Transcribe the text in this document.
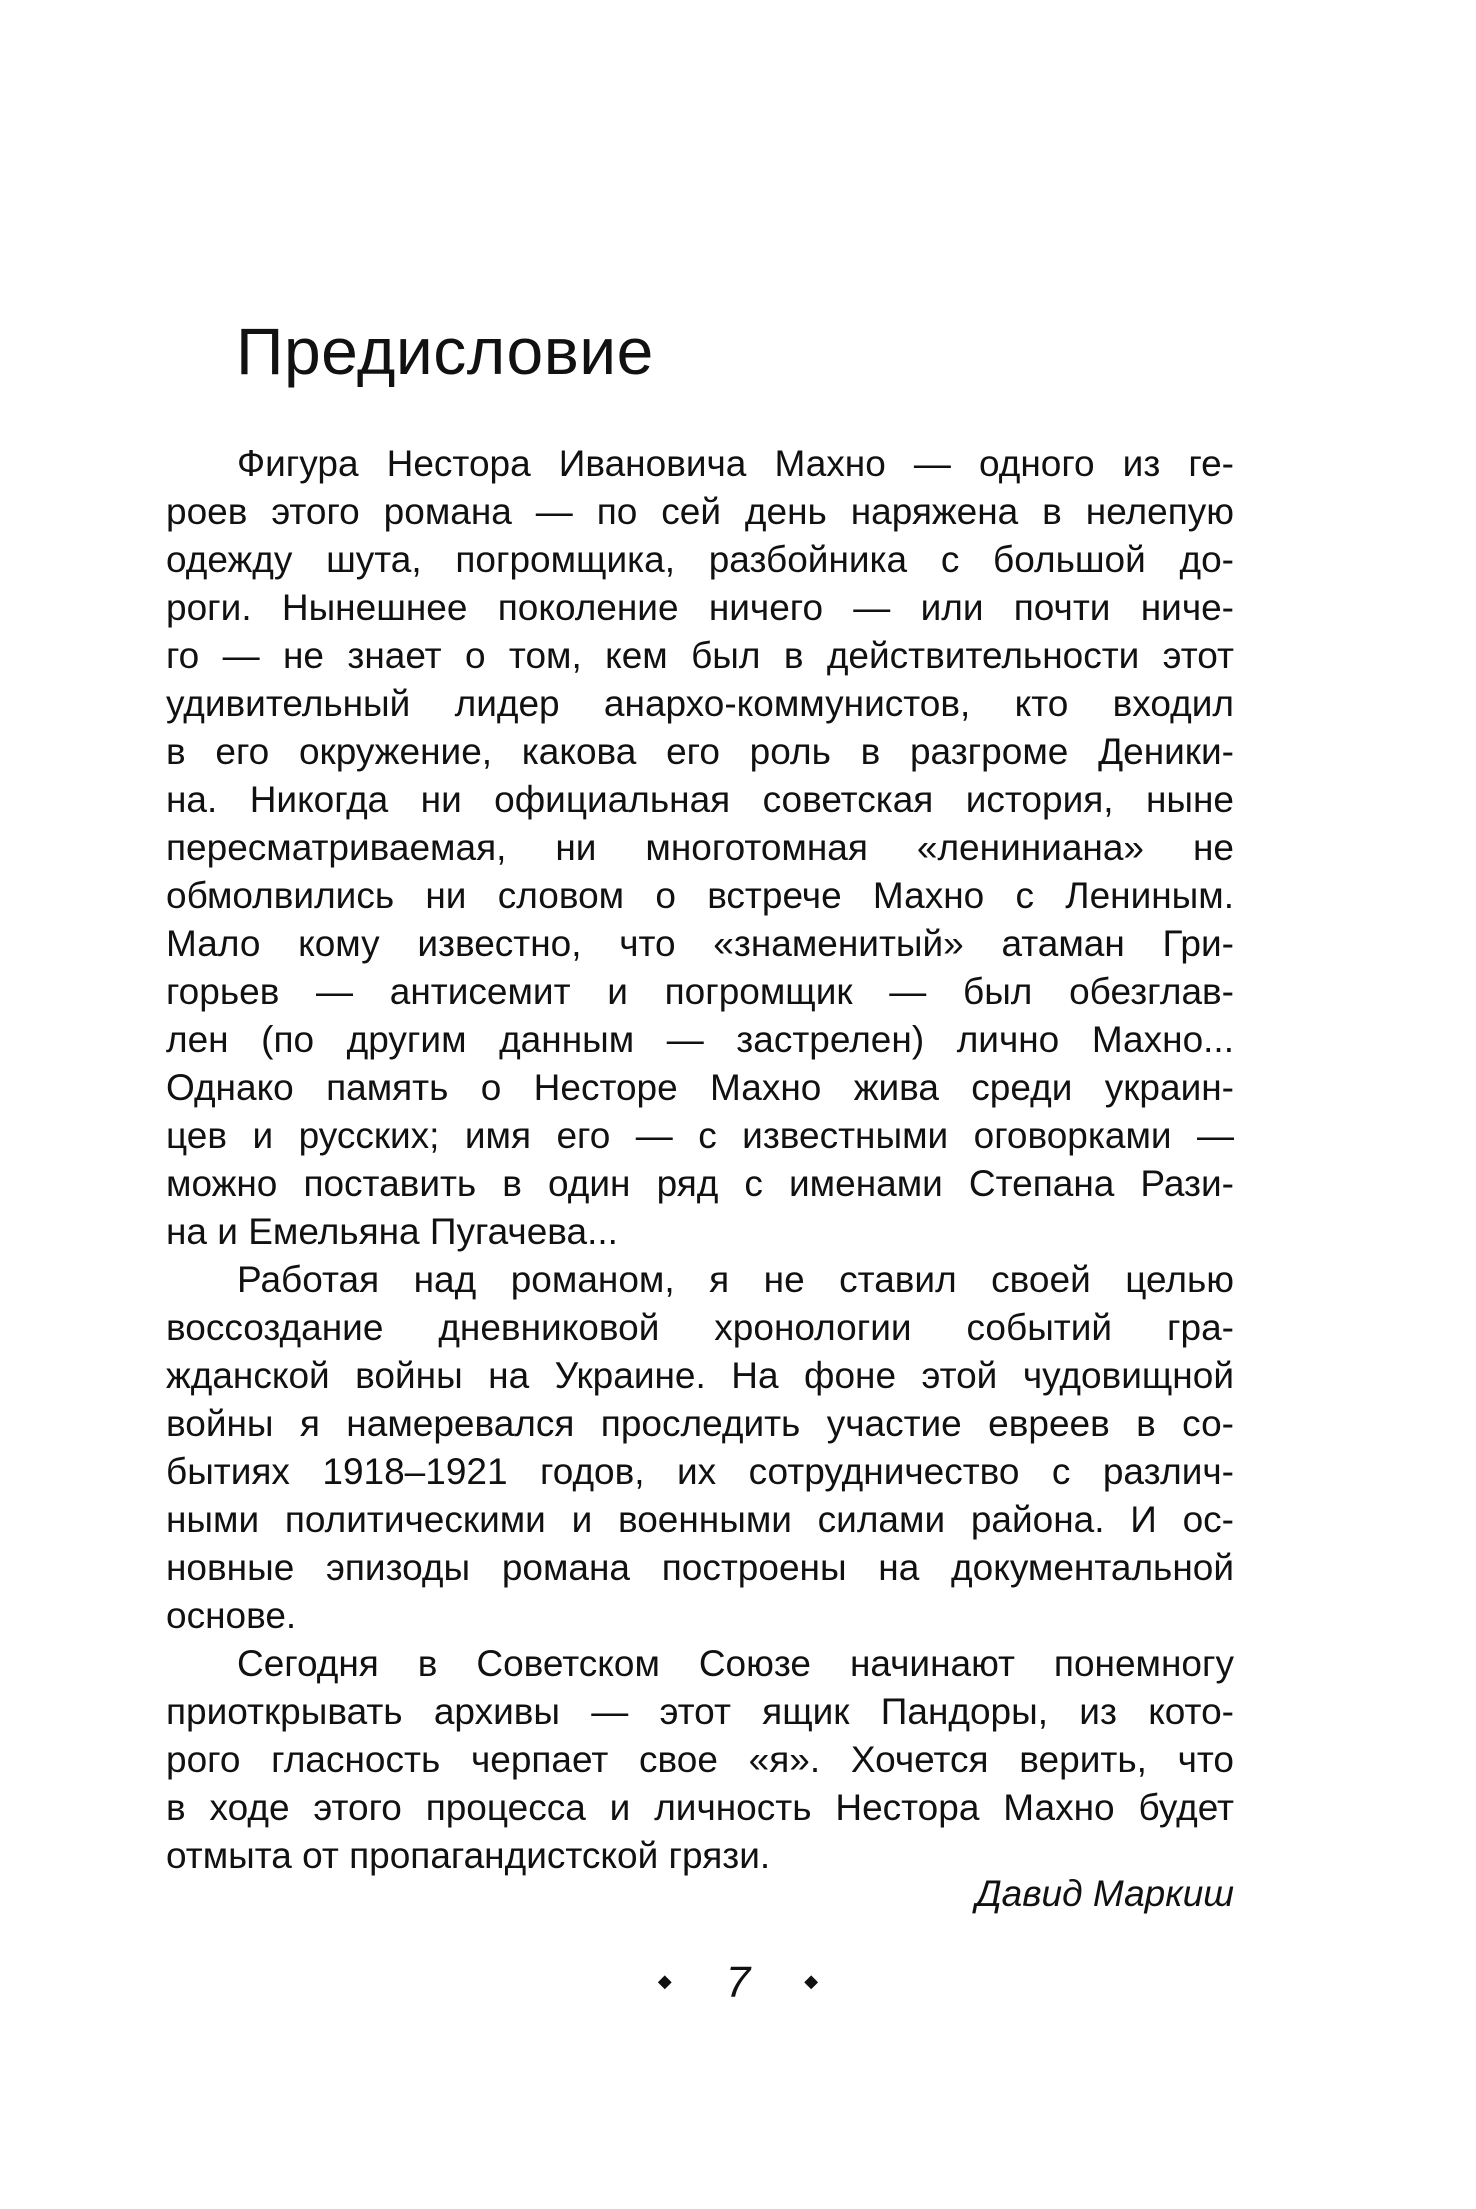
Предисловие
Фигура Нестора Ивановича Махно — одного из ге-
роев этого романа — по сей день наряжена в нелепую
одежду шута, погромщика, разбойника с большой до-
роги. Нынешнее поколение ничего — или почти ниче-
го — не знает о том, кем был в действительности этот
удивительный лидер анархо-коммунистов, кто входил
в его окружение, какова его роль в разгроме Деники-
на. Никогда ни официальная советская история, ныне
пересматриваемая, ни многотомная «лениниана» не
обмолвились ни словом о встрече Махно с Лениным.
Мало кому известно, что «знаменитый» атаман Гри-
горьев — антисемит и погромщик — был обезглав-
лен (по другим данным — застрелен) лично Махно...
Однако память о Несторе Махно жива среди украин-
цев и русских; имя его — с известными оговорками —
можно поставить в один ряд с именами Степана Рази-
на и Емельяна Пугачева...
Работая над романом, я не ставил своей целью
воссоздание дневниковой хронологии событий гра-
жданской войны на Украине. На фоне этой чудовищной
войны я намеревался проследить участие евреев в со-
бытиях 1918–1921 годов, их сотрудничество с различ-
ными политическими и военными силами района. И ос-
новные эпизоды романа построены на документальной
основе.
Сегодня в Советском Союзе начинают понемногу
приоткрывать архивы — этот ящик Пандоры, из кото-
рого гласность черпает свое «я». Хочется верить, что
в ходе этого процесса и личность Нестора Махно будет
отмыта от пропагандистской грязи.
Давид Маркиш
◆ 7	◆
